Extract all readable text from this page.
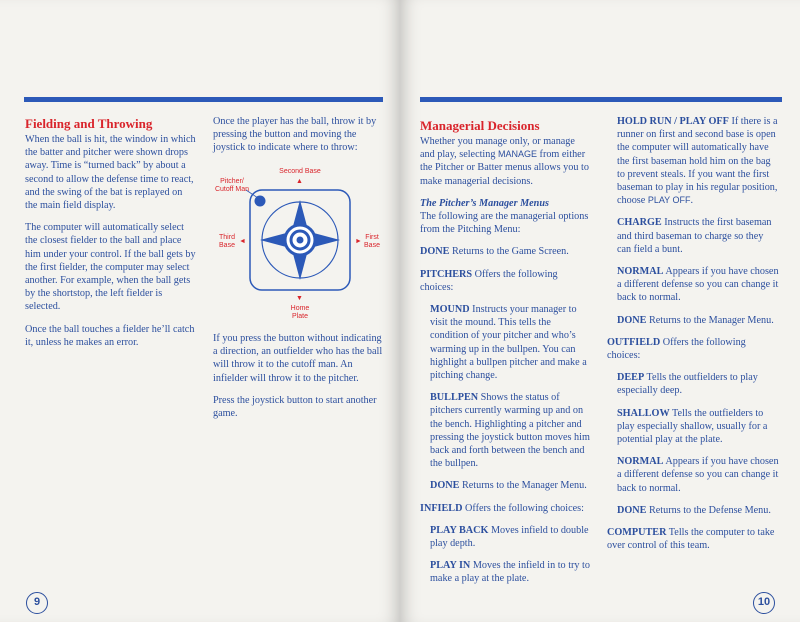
Fielding and Throwing

When the ball is hit, the window in which the batter and pitcher were shown drops away. Time is “turned back” by about a second to allow the defense time to react, and the swing of the bat is replayed on the main field display.

The computer will automatically select the closest fielder to the ball and place him under your control. If the ball gets by the first fielder, the computer may select another. For example, when the ball gets by the shortstop, the left fielder is selected.

Once the ball touches a fielder he’ll catch it, unless he makes an error.

Once the player has the ball, throw it by pressing the button and moving the joystick to indicate where to throw:

Second Base
▲
Pitcher/
Cutoff Man
Third
Base
◄	► First
Base
▼
Home
Plate

If you press the button without indicating a direction, an outfielder who has the ball will throw it to the cutoff man. An infielder will throw it to the pitcher.

Press the joystick button to start another game.

9
Managerial Decisions

Whether you manage only, or manage and play, selecting MANAGE from either the Pitcher or Batter menus allows you to make managerial decisions.

The Pitcher’s Manager Menus
The following are the managerial options from the Pitching Menu:

DONE Returns to the Game Screen.

PITCHERS Offers the following choices:

MOUND Instructs your manager to visit the mound. This tells the condition of your pitcher and who’s warming up in the bullpen. You can highlight a bullpen pitcher and make a pitching change.

BULLPEN Shows the status of pitchers currently warming up and on the bench. Highlighting a pitcher and pressing the joystick button moves him back and forth between the bench and the bullpen.

DONE Returns to the Manager Menu.

INFIELD Offers the following choices:

PLAY BACK Moves infield to double play depth.

PLAY IN Moves the infield in to try to make a play at the plate.

HOLD RUN / PLAY OFF If there is a runner on first and second base is open the computer will automatically have the first baseman hold him on the bag to prevent steals. If you want the first baseman to play in his regular position, choose PLAY OFF.

CHARGE Instructs the first baseman and third baseman to charge so they can field a bunt.

NORMAL Appears if you have chosen a different defense so you can change it back to normal.

DONE Returns to the Manager Menu.

OUTFIELD Offers the following choices:

DEEP Tells the outfielders to play especially deep.

SHALLOW Tells the outfielders to play especially shallow, usually for a potential play at the plate.

NORMAL Appears if you have chosen a different defense so you can change it back to normal.

DONE Returns to the Defense Menu.

COMPUTER Tells the computer to take over control of this team.

10
